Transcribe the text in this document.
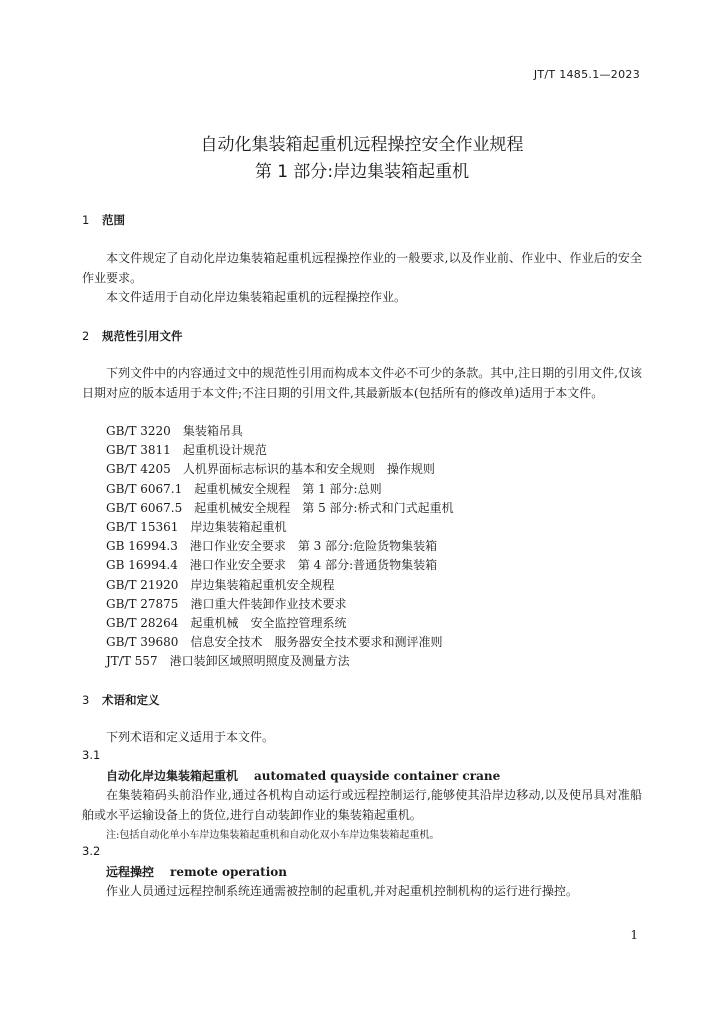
JT/T 1485.1—2023
自动化集装箱起重机远程操控安全作业规程
第 1 部分:岸边集装箱起重机
1 范围

本文件规定了自动化岸边集装箱起重机远程操控作业的一般要求,以及作业前、作业中、作业后的安全作业要求。

本文件适用于自动化岸边集装箱起重机的远程操控作业。

2 规范性引用文件

下列文件中的内容通过文中的规范性引用而构成本文件必不可少的条款。其中,注日期的引用文件,仅该日期对应的版本适用于本文件;不注日期的引用文件,其最新版本(包括所有的修改单)适用于本文件。

GB/T 3220 集装箱吊具
GB/T 3811 起重机设计规范
GB/T 4205 人机界面标志标识的基本和安全规则　操作规则
GB/T 6067.1 起重机械安全规程　第 1 部分:总则
GB/T 6067.5 起重机械安全规程　第 5 部分:桥式和门式起重机
GB/T 15361 岸边集装箱起重机
GB 16994.3 港口作业安全要求　第 3 部分:危险货物集装箱
GB 16994.4 港口作业安全要求　第 4 部分:普通货物集装箱
GB/T 21920 岸边集装箱起重机安全规程
GB/T 27875 港口重大件装卸作业技术要求
GB/T 28264 起重机械　安全监控管理系统
GB/T 39680 信息安全技术　服务器安全技术要求和测评准则
JT/T 557 港口装卸区域照明照度及测量方法
3 术语和定义

下列术语和定义适用于本文件。

3.1
自动化岸边集装箱起重机 automated quayside container crane

在集装箱码头前沿作业,通过各机构自动运行或远程控制运行,能够使其沿岸边移动,以及使吊具对准船舶或水平运输设备上的货位,进行自动装卸作业的集装箱起重机。

注:包括自动化单小车岸边集装箱起重机和自动化双小车岸边集装箱起重机。
3.2
远程操控 remote operation

作业人员通过远程控制系统连通需被控制的起重机,并对起重机控制机构的运行进行操控。

1
